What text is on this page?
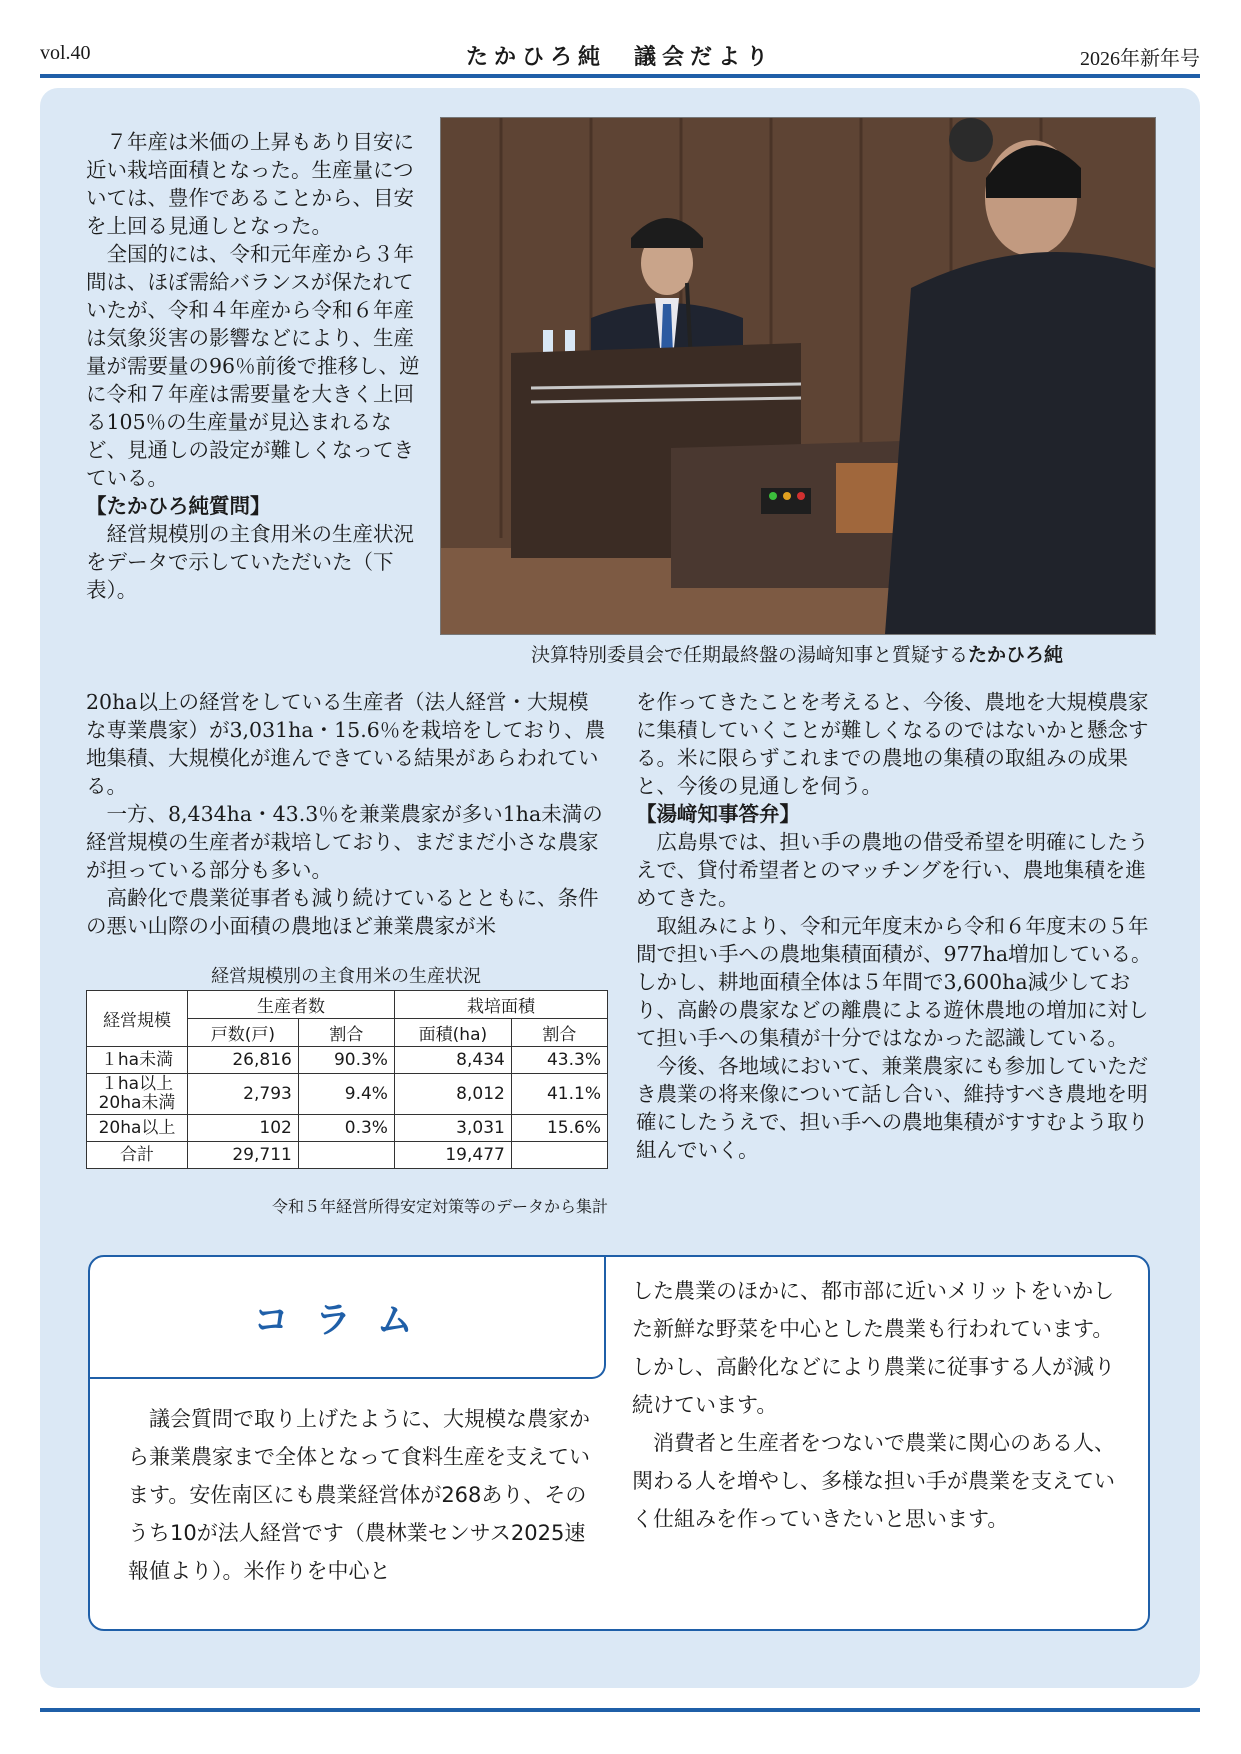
vol.40	たかひろ純　議会だより	2026年新年号
決算特別委員会で任期最終盤の湯﨑知事と質疑するたかひろ純

７年産は米価の上昇もあり目安に近い栽培面積となった。生産量については、豊作であることから、目安を上回る見通しとなった。

全国的には、令和元年産から３年間は、ほぼ需給バランスが保たれていたが、令和４年産から令和６年産は気象災害の影響などにより、生産量が需要量の96％前後で推移し、逆に令和７年産は需要量を大きく上回る105％の生産量が見込まれるなど、見通しの設定が難しくなってきている。

【たかひろ純質問】

経営規模別の主食用米の生産状況をデータで示していただいた（下表）。

20ha以上の経営をしている生産者（法人経営・大規模な専業農家）が3,031ha・15.6％を栽培をしており、農地集積、大規模化が進んできている結果があらわれている。

一方、8,434ha・43.3％を兼業農家が多い1ha未満の経営規模の生産者が栽培しており、まだまだ小さな農家が担っている部分も多い。

高齢化で農業従事者も減り続けているとともに、条件の悪い山際の小面積の農地ほど兼業農家が米

を作ってきたことを考えると、今後、農地を大規模農家に集積していくことが難しくなるのではないかと懸念する。米に限らずこれまでの農地の集積の取組みの成果と、今後の見通しを伺う。

【湯﨑知事答弁】

広島県では、担い手の農地の借受希望を明確にしたうえで、貸付希望者とのマッチングを行い、農地集積を進めてきた。

取組みにより、令和元年度末から令和６年度末の５年間で担い手への農地集積面積が、977ha増加している。しかし、耕地面積全体は５年間で3,600ha減少しており、高齢の農家などの離農による遊休農地の増加に対して担い手への集積が十分ではなかった認識している。

今後、各地域において、兼業農家にも参加していただき農業の将来像について話し合い、維持すべき農地を明確にしたうえで、担い手への農地集積がすすむよう取り組んでいく。

経営規模別の主食用米の生産状況
経営規模	生産者数		栽培面積	
	戸数(戸)	割合	面積(ha)	割合
１ha未満	26,816	90.3%	8,434	43.3%
１ha以上
20ha未満	2,793	9.4%	8,012	41.1%
20ha以上	102	0.3%	3,031	15.6%
合計	29,711		19,477	
令和５年経営所得安定対策等のデータから集計
コラム

議会質問で取り上げたように、大規模な農家から兼業農家まで全体となって食料生産を支えています。安佐南区にも農業経営体が268あり、そのうち10が法人経営です（農林業センサス2025速報値より）。米作りを中心と

した農業のほかに、都市部に近いメリットをいかした新鮮な野菜を中心とした農業も行われています。しかし、高齢化などにより農業に従事する人が減り続けています。

消費者と生産者をつないで農業に関心のある人、関わる人を増やし、多様な担い手が農業を支えていく仕組みを作っていきたいと思います。
